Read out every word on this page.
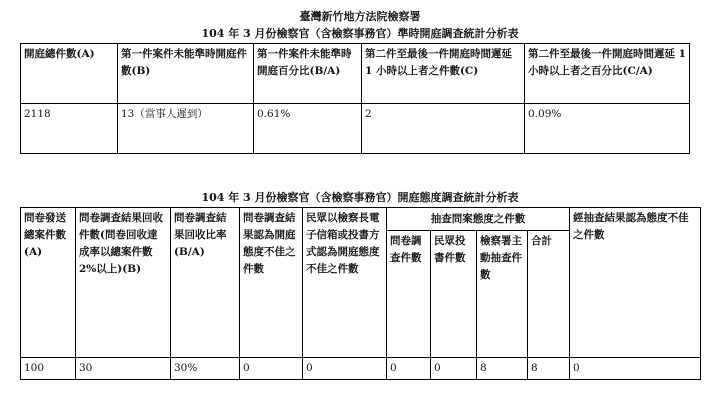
臺灣新竹地方法院檢察署
104 年 3 月份檢察官（含檢察事務官）準時開庭調查統計分析表
開庭總件數(A)	第一件案件未能準時開庭件數(B)	第一件案件未能準時開庭百分比(B/A)	第二件至最後一件開庭時間遲延 1 小時以上者之件數(C)	第二件至最後一件開庭時間遲延 1 小時以上者之百分比(C/A)
2118	13（當事人遲到）	0.61%	2	0.09%
104 年 3 月份檢察官（含檢察事務官）開庭態度調查統計分析表
問卷發送總案件數(A)	問卷調查結果回收件數(問卷回收達成率以總案件數 2%以上)(B)	問卷調查結果回收比率(B/A)	問卷調查結果認為開庭態度不佳之件數	民眾以檢察長電子信箱或投書方式認為開庭態度不佳之件數	抽查問案態度之件數				經抽查結果認為態度不佳之件數
					問卷調查件數	民眾投書件數	檢察署主動抽查件數	合計	
100	30	30%	0	0	0	0	8	8	0
